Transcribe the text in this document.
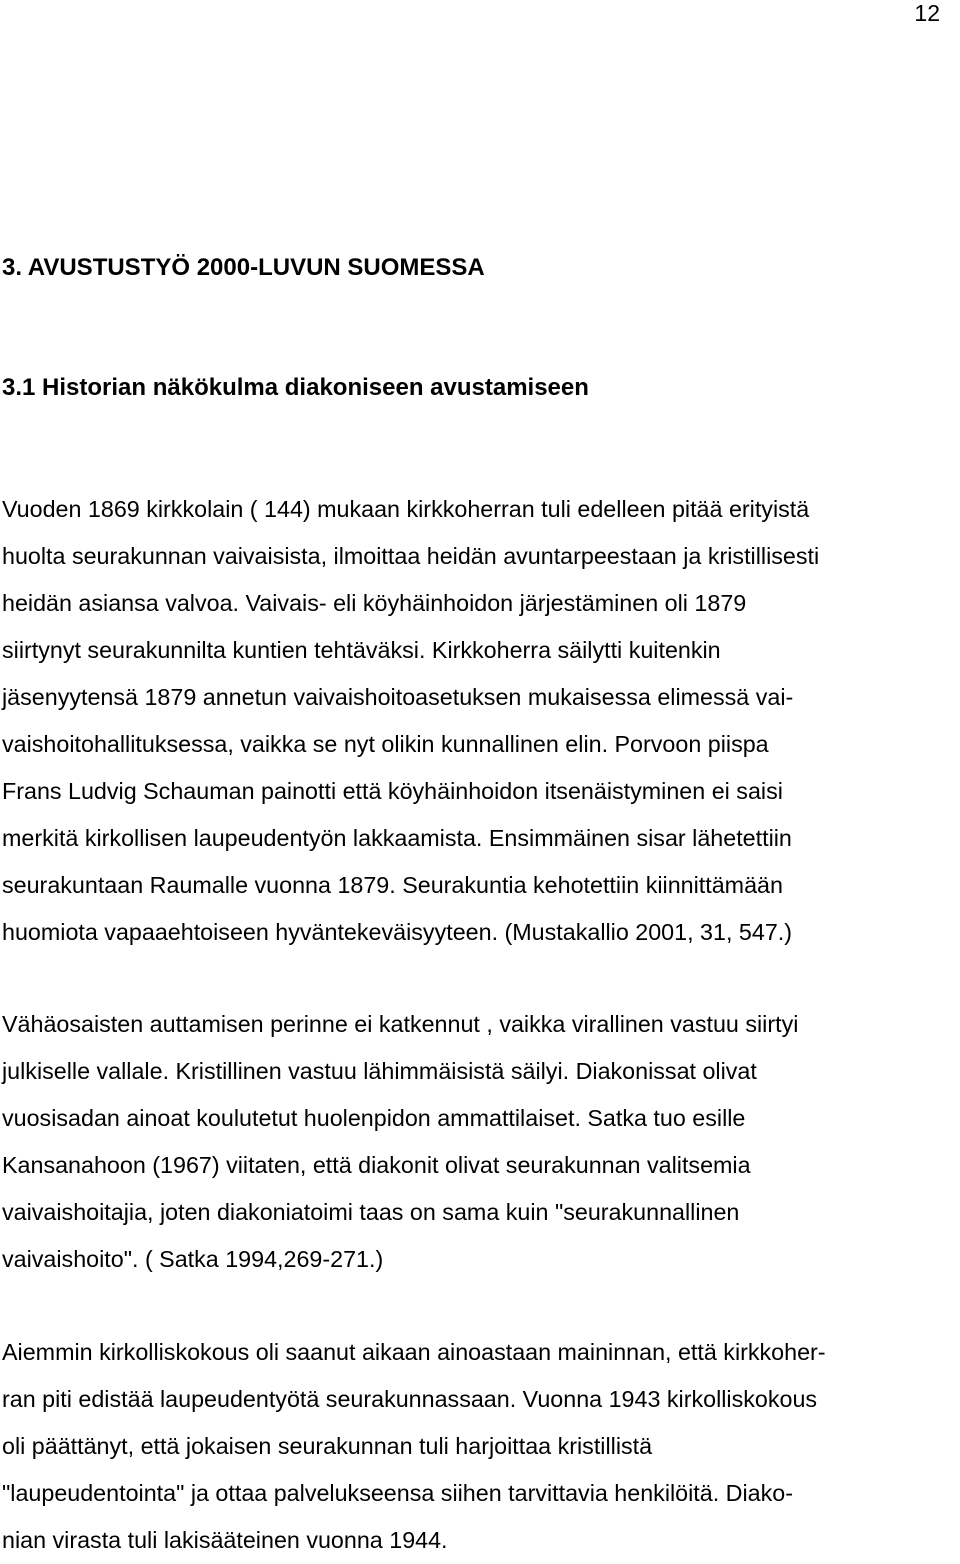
12
3. AVUSTUSTYÖ 2000-LUVUN SUOMESSA
3.1 Historian näkökulma diakoniseen avustamiseen
Vuoden 1869 kirkkolain ( 144) mukaan kirkkoherran tuli edelleen pitää erityistä
huolta seurakunnan vaivaisista, ilmoittaa heidän avuntarpeestaan ja kristillisesti
heidän asiansa valvoa. Vaivais- eli köyhäinhoidon järjestäminen oli 1879
siirtynyt seurakunnilta kuntien tehtäväksi. Kirkkoherra säilytti kuitenkin
jäsenyytensä 1879 annetun vaivaishoitoasetuksen mukaisessa elimessä vai-
vaishoitohallituksessa, vaikka se nyt olikin kunnallinen elin. Porvoon piispa
Frans Ludvig Schauman painotti että köyhäinhoidon itsenäistyminen ei saisi
merkitä kirkollisen laupeudentyön lakkaamista. Ensimmäinen sisar lähetettiin
seurakuntaan Raumalle vuonna 1879. Seurakuntia kehotettiin kiinnittämään
huomiota vapaaehtoiseen hyväntekeväisyyteen. (Mustakallio 2001, 31, 547.)
Vähäosaisten auttamisen perinne ei katkennut , vaikka virallinen vastuu siirtyi
julkiselle vallale. Kristillinen vastuu lähimmäisistä säilyi. Diakonissat olivat
vuosisadan ainoat koulutetut huolenpidon ammattilaiset. Satka tuo esille
Kansanahoon (1967) viitaten, että diakonit olivat seurakunnan valitsemia
vaivaishoitajia, joten diakoniatoimi taas on sama kuin "seurakunnallinen
vaivaishoito". ( Satka 1994,269-271.)
Aiemmin kirkolliskokous oli saanut aikaan ainoastaan maininnan, että kirkkoher-
ran piti edistää laupeudentyötä seurakunnassaan. Vuonna 1943 kirkolliskokous
oli päättänyt, että jokaisen seurakunnan tuli harjoittaa kristillistä
"laupeudentointa" ja ottaa palvelukseensa siihen tarvittavia henkilöitä. Diako-
nian virasta tuli lakisääteinen vuonna 1944.
